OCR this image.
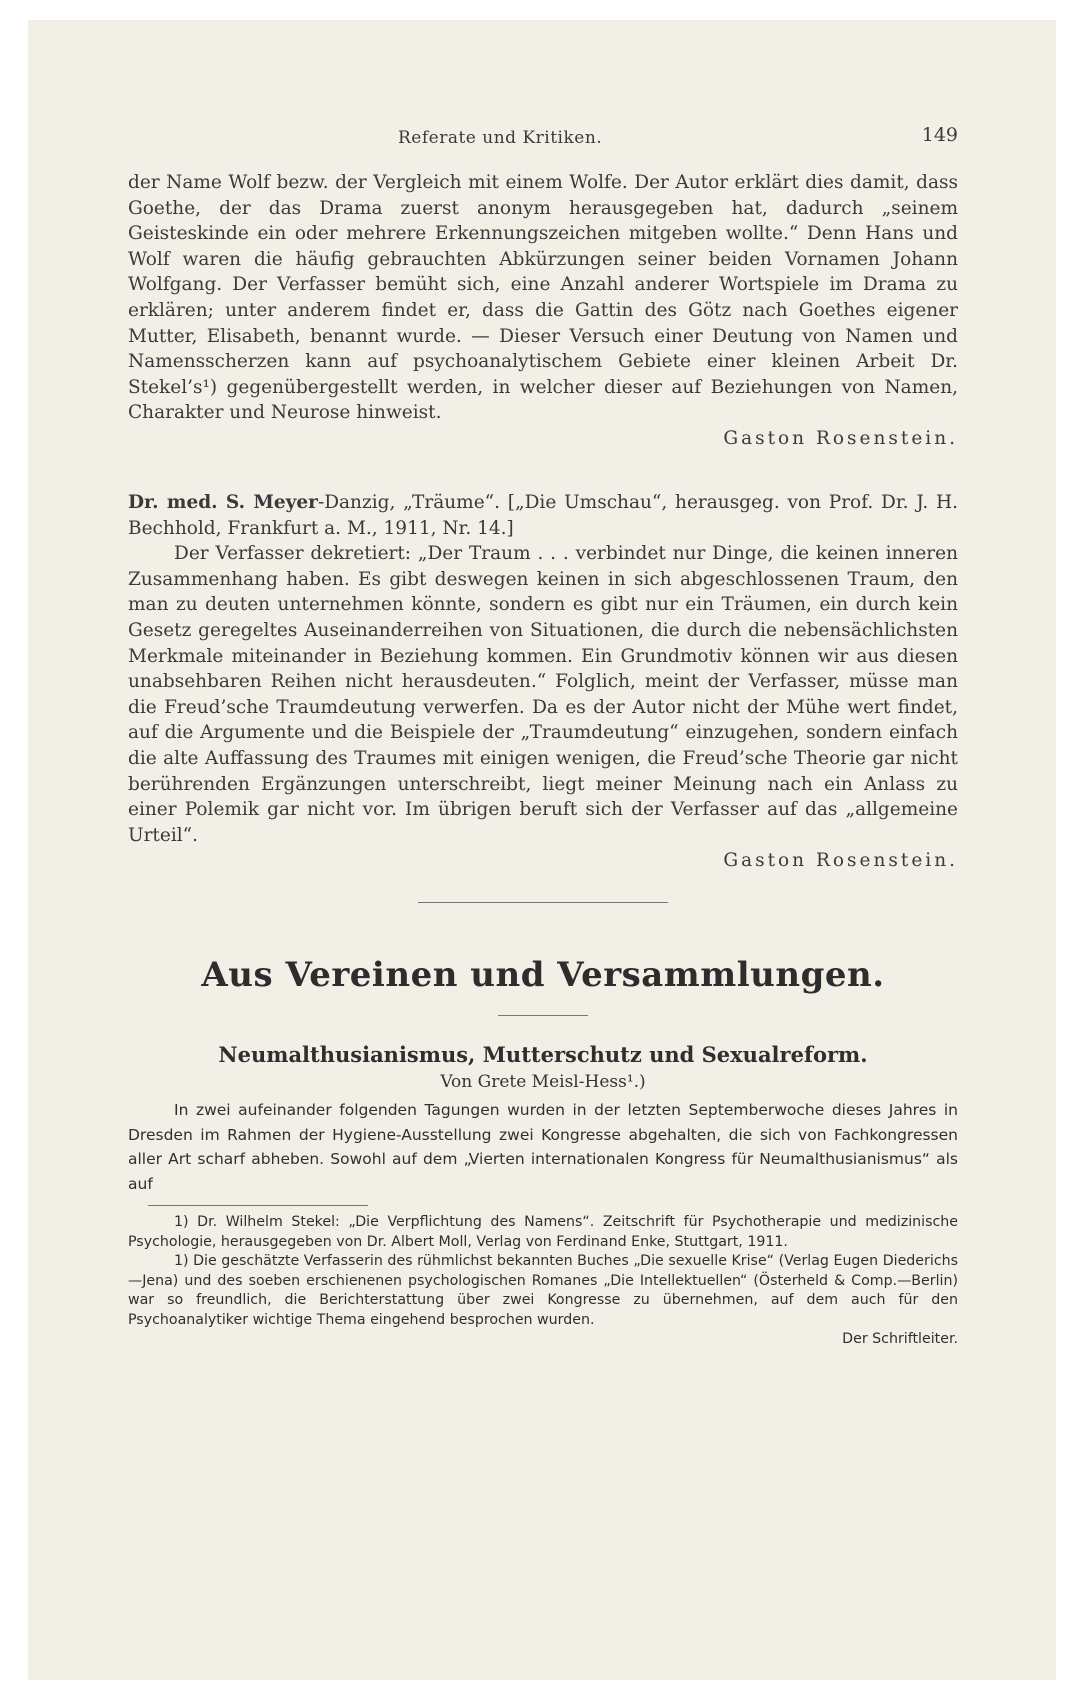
Referate und Kritiken.	149

der Name Wolf bezw. der Vergleich mit einem Wolfe. Der Autor erklärt dies damit, dass Goethe, der das Drama zuerst anonym herausgegeben hat, dadurch „seinem Geisteskinde ein oder mehrere Erkennungszeichen mitgeben wollte.“ Denn Hans und Wolf waren die häufig gebrauchten Abkürzungen seiner beiden Vornamen Johann Wolfgang. Der Verfasser bemüht sich, eine Anzahl anderer Wortspiele im Drama zu erklären; unter anderem findet er, dass die Gattin des Götz nach Goethes eigener Mutter, Elisabeth, benannt wurde. — Dieser Versuch einer Deutung von Namen und Namensscherzen kann auf psychoanalytischem Gebiete einer kleinen Arbeit Dr. Stekel’s¹) gegenübergestellt werden, in welcher dieser auf Beziehungen von Namen, Charakter und Neurose hinweist.

Gaston Rosenstein.

Dr. med. S. Meyer-Danzig, „Träume“. [„Die Umschau“, herausgeg. von Prof. Dr. J. H. Bechhold, Frankfurt a. M., 1911, Nr. 14.]

Der Verfasser dekretiert: „Der Traum . . . verbindet nur Dinge, die keinen inneren Zusammenhang haben. Es gibt deswegen keinen in sich abgeschlossenen Traum, den man zu deuten unternehmen könnte, sondern es gibt nur ein Träumen, ein durch kein Gesetz geregeltes Auseinanderreihen von Situationen, die durch die nebensächlichsten Merkmale miteinander in Beziehung kommen. Ein Grundmotiv können wir aus diesen unabsehbaren Reihen nicht herausdeuten.“ Folglich, meint der Verfasser, müsse man die Freud’sche Traumdeutung verwerfen. Da es der Autor nicht der Mühe wert findet, auf die Argumente und die Beispiele der „Traumdeutung“ einzugehen, sondern einfach die alte Auffassung des Traumes mit einigen wenigen, die Freud’sche Theorie gar nicht berührenden Ergänzungen unterschreibt, liegt meiner Meinung nach ein Anlass zu einer Polemik gar nicht vor. Im übrigen beruft sich der Verfasser auf das „allgemeine Urteil“.

Gaston Rosenstein.

Aus Vereinen und Versammlungen.
Neumalthusianismus, Mutterschutz und Sexualreform.
Von Grete Meisl-Hess¹.)

In zwei aufeinander folgenden Tagungen wurden in der letzten Septemberwoche dieses Jahres in Dresden im Rahmen der Hygiene-Ausstellung zwei Kongresse abgehalten, die sich von Fachkongressen aller Art scharf abheben. Sowohl auf dem „Vierten internationalen Kongress für Neumalthusianismus“ als auf

1) Dr. Wilhelm Stekel: „Die Verpflichtung des Namens“. Zeitschrift für Psychotherapie und medizinische Psychologie, herausgegeben von Dr. Albert Moll, Verlag von Ferdinand Enke, Stuttgart, 1911.

1) Die geschätzte Verfasserin des rühmlichst bekannten Buches „Die sexuelle Krise“ (Verlag Eugen Diederichs—Jena) und des soeben erschienenen psychologischen Romanes „Die Intellektuellen“ (Österheld & Comp.—Berlin) war so freundlich, die Berichterstattung über zwei Kongresse zu übernehmen, auf dem auch für den Psychoanalytiker wichtige Thema eingehend besprochen wurden.

Der Schriftleiter.
